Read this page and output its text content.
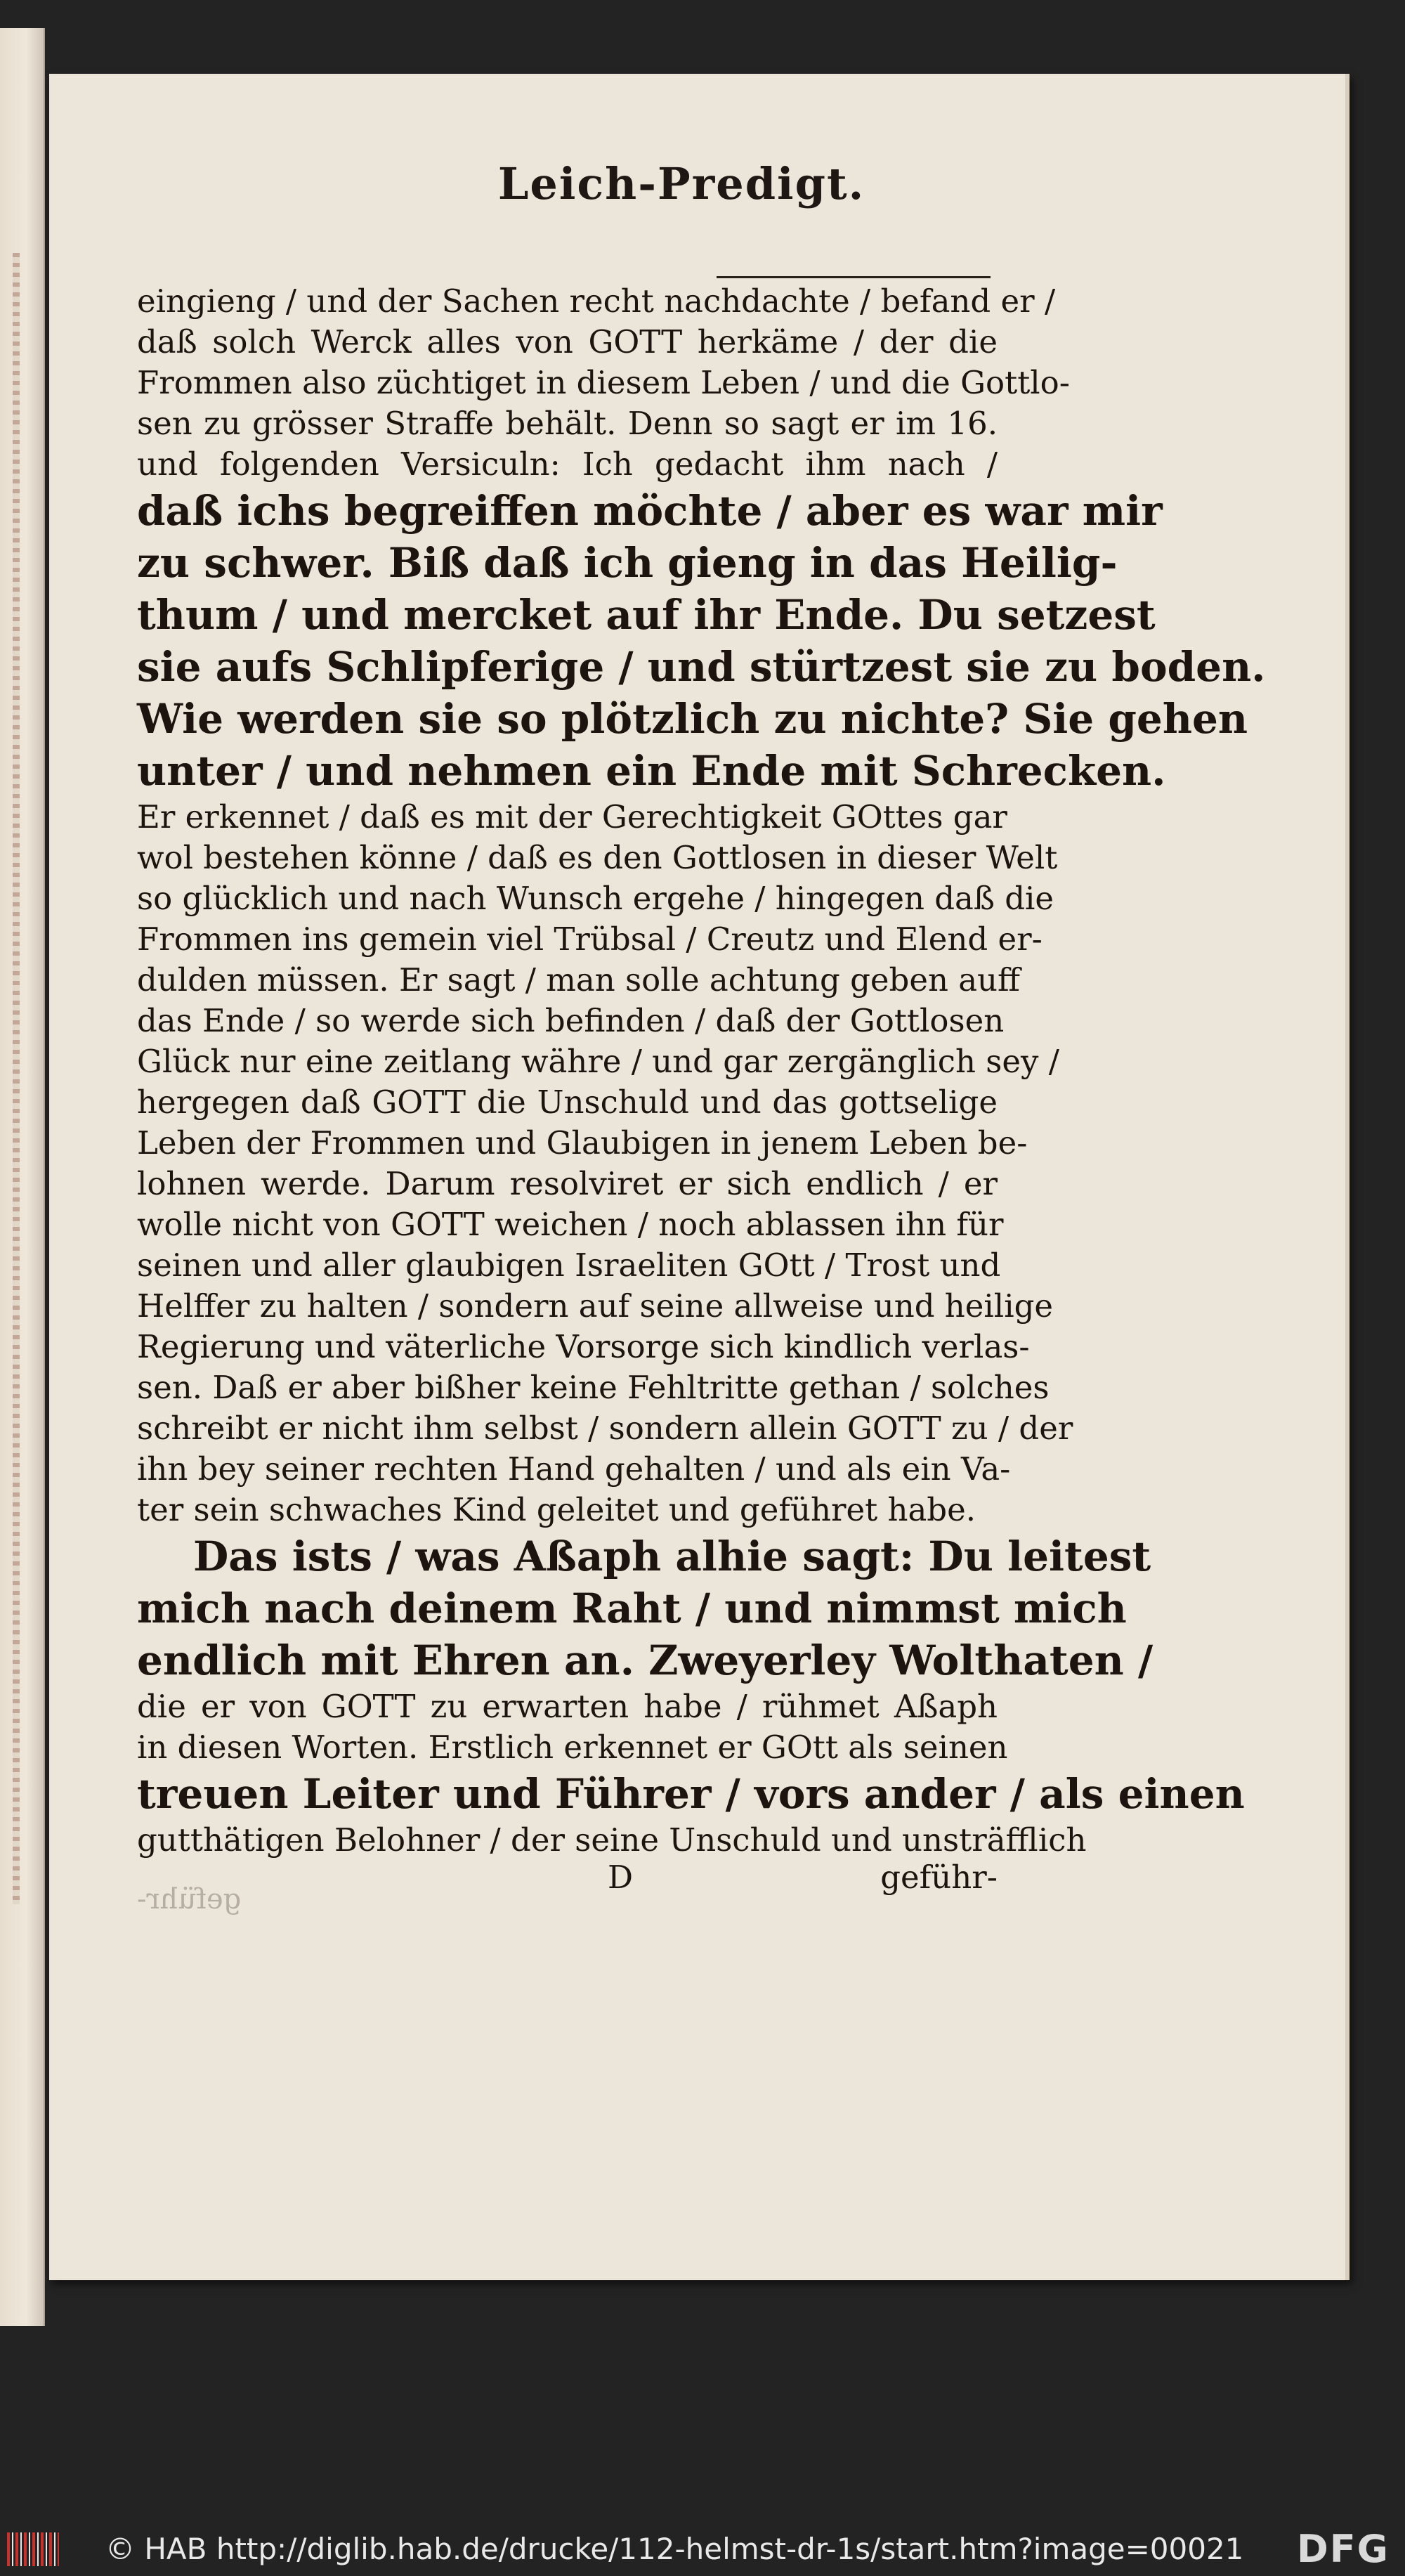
Leich-Predigt.
eingieng / und der Sachen recht nachdachte / befand er /
daß solch Werck alles von GOTT herkäme / der die
Frommen also züchtiget in diesem Leben / und die Gottlo-
sen zu grösser Straffe behält. Denn so sagt er im 16.
und folgenden Versiculn: Ich gedacht ihm nach /
daß ichs begreiffen möchte / aber es war mir
zu schwer. Biß daß ich gieng in das Heilig-
thum / und mercket auf ihr Ende. Du setzest
sie aufs Schlipferige / und stürtzest sie zu boden.
Wie werden sie so plötzlich zu nichte? Sie gehen
unter / und nehmen ein Ende mit Schrecken.
Er erkennet / daß es mit der Gerechtigkeit GOttes gar
wol bestehen könne / daß es den Gottlosen in dieser Welt
so glücklich und nach Wunsch ergehe / hingegen daß die
Frommen ins gemein viel Trübsal / Creutz und Elend er-
dulden müssen. Er sagt / man solle achtung geben auff
das Ende / so werde sich befinden / daß der Gottlosen
Glück nur eine zeitlang währe / und gar zergänglich sey /
hergegen daß GOTT die Unschuld und das gottselige
Leben der Frommen und Glaubigen in jenem Leben be-
lohnen werde. Darum resolviret er sich endlich / er
wolle nicht von GOTT weichen / noch ablassen ihn für
seinen und aller glaubigen Israeliten GOtt / Trost und
Helffer zu halten / sondern auf seine allweise und heilige
Regierung und väterliche Vorsorge sich kindlich verlas-
sen. Daß er aber bißher keine Fehltritte gethan / solches
schreibt er nicht ihm selbst / sondern allein GOTT zu / der
ihn bey seiner rechten Hand gehalten / und als ein Va-
ter sein schwaches Kind geleitet und geführet habe.
Das ists / was Aßaph alhie sagt: Du leitest
mich nach deinem Raht / und nimmst mich
endlich mit Ehren an. Zweyerley Wolthaten /
die er von GOTT zu erwarten habe / rühmet Aßaph
in diesen Worten. Erstlich erkennet er GOtt als seinen
treuen Leiter und Führer / vors ander / als einen
gutthätigen Belohner / der seine Unschuld und unsträfflich
geführ-
D	geführ-
© HAB http://diglib.hab.de/drucke/112-helmst-dr-1s/start.htm?image=00021 DFG
